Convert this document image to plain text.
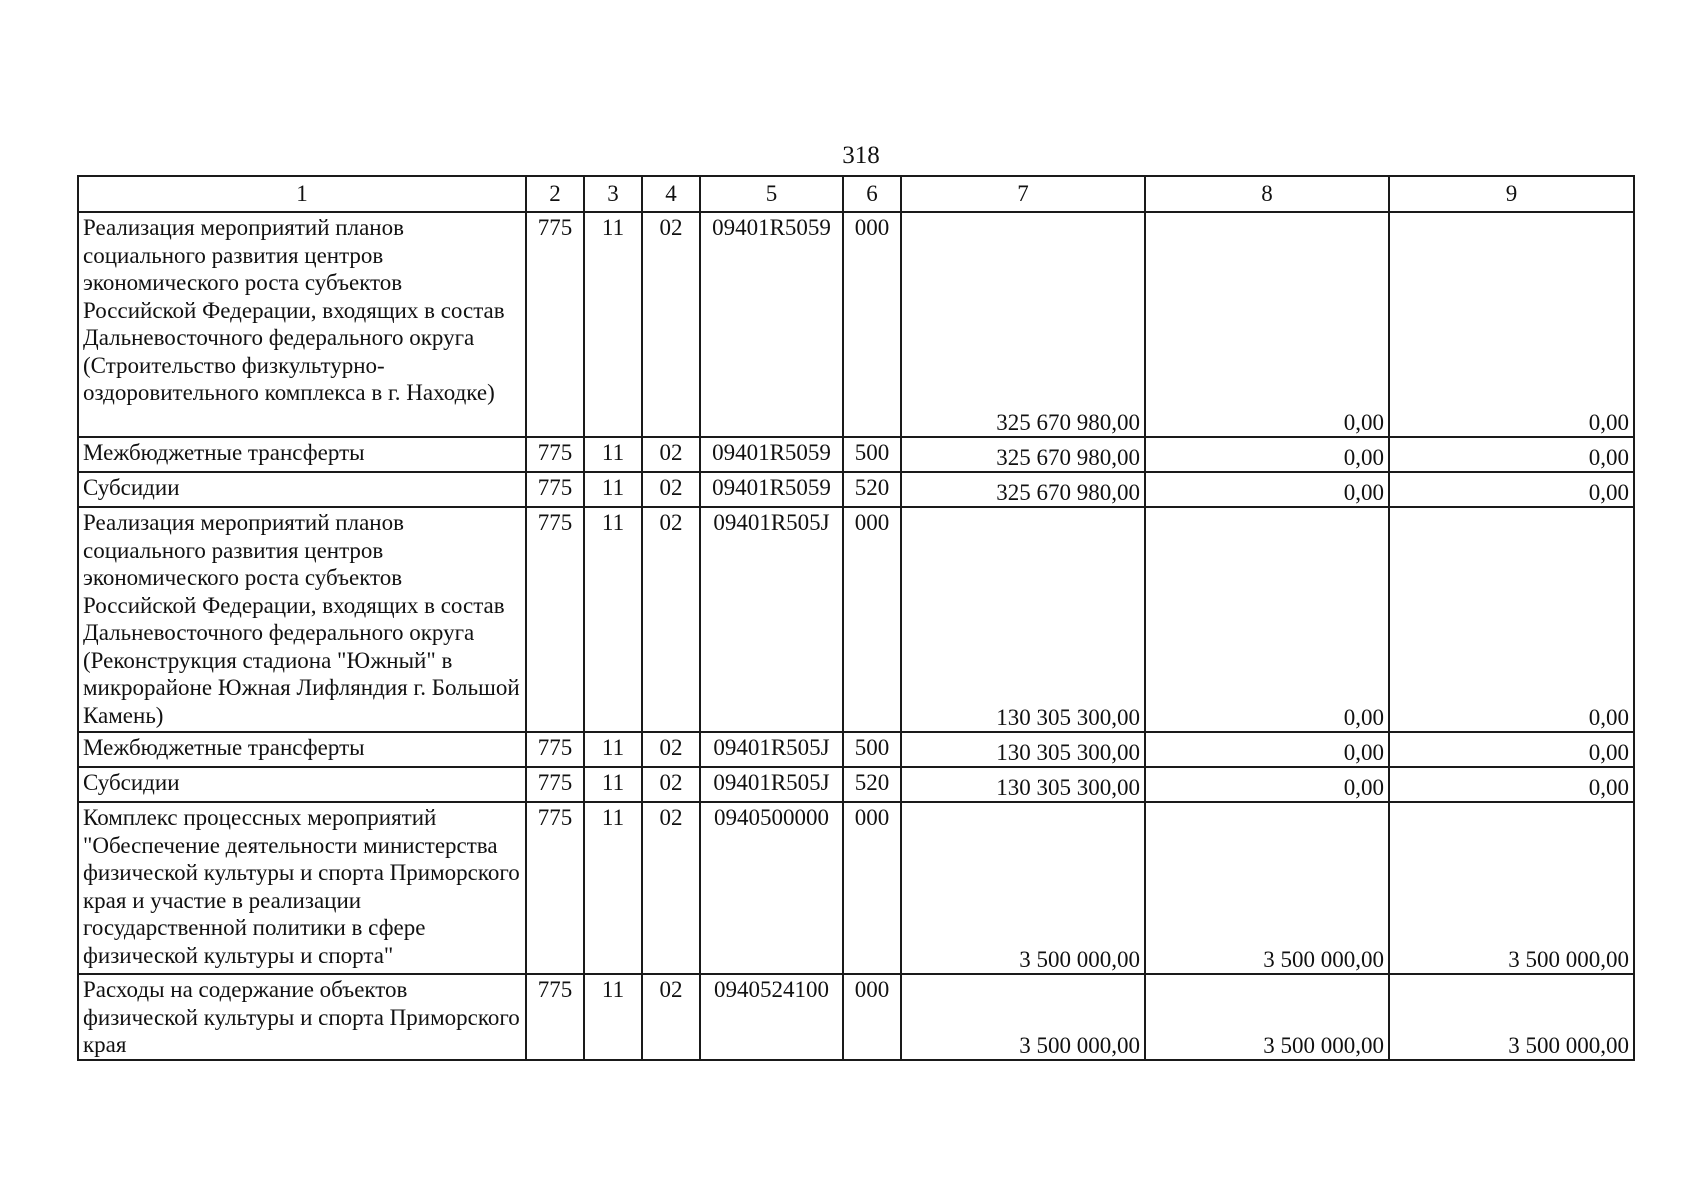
318
1	2	3	4	5	6	7	8	9
Реализация мероприятий планов социального развития центров экономического роста субъектов Российской Федерации, входящих в состав Дальневосточного федерального округа (Строительство физкультурно-оздоровительного комплекса в г. Находке)	775	11	02	09401R5059	000	325 670 980,00	0,00	0,00
Межбюджетные трансферты	775	11	02	09401R5059	500	325 670 980,00	0,00	0,00
Субсидии	775	11	02	09401R5059	520	325 670 980,00	0,00	0,00
Реализация мероприятий планов социального развития центров экономического роста субъектов Российской Федерации, входящих в состав Дальневосточного федерального округа (Реконструкция стадиона "Южный" в микрорайоне Южная Лифляндия г. Большой Камень)	775	11	02	09401R505J	000	130 305 300,00	0,00	0,00
Межбюджетные трансферты	775	11	02	09401R505J	500	130 305 300,00	0,00	0,00
Субсидии	775	11	02	09401R505J	520	130 305 300,00	0,00	0,00
Комплекс процессных мероприятий "Обеспечение деятельности министерства физической культуры и спорта Приморского края и участие в реализации государственной политики в сфере физической культуры и спорта"	775	11	02	0940500000	000	3 500 000,00	3 500 000,00	3 500 000,00
Расходы на содержание объектов физической культуры и спорта Приморского края	775	11	02	0940524100	000	3 500 000,00	3 500 000,00	3 500 000,00
